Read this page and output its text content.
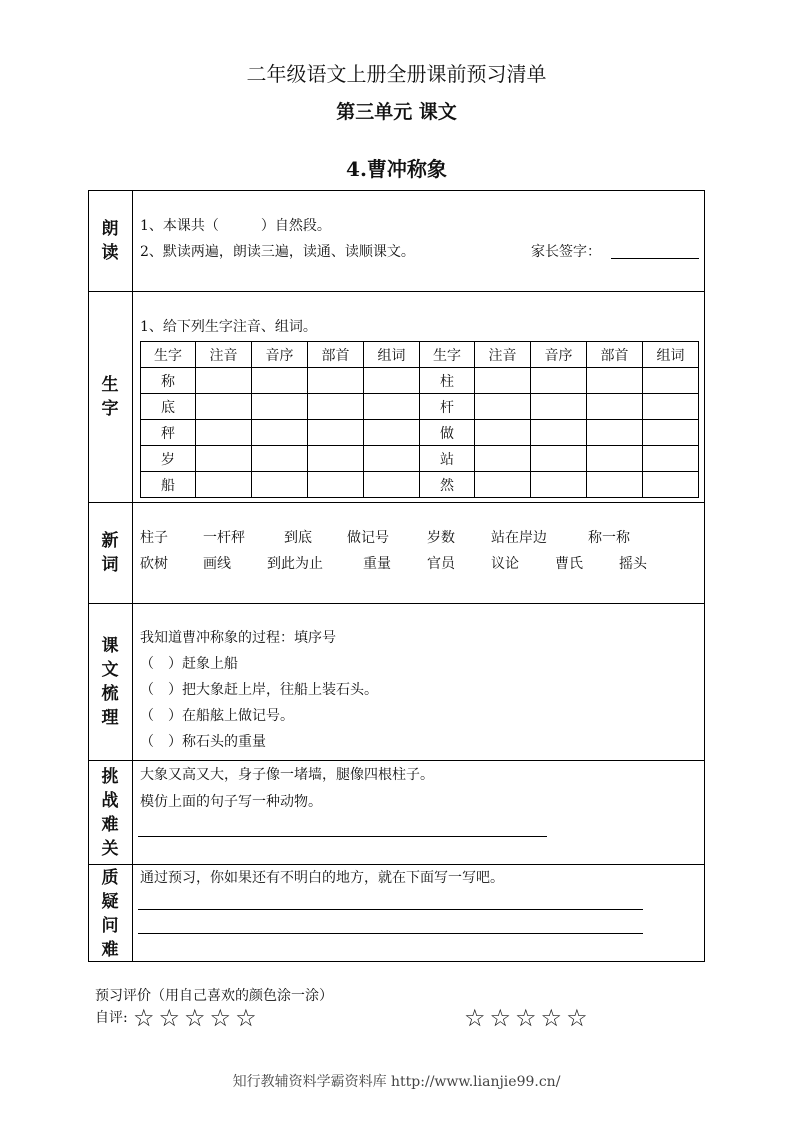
二年级语文上册全册课前预习清单
第三单元 课文
4.曹冲称象
朗
读
1、本课共（　　　）自然段。
2、默读两遍，朗读三遍，读通、读顺课文。	家长签字：
生
字
1、给下列生字注音、组词。
生字	注音	音序	部首	组词	生字	注音	音序	部首	组词
称					柱				
底					杆				
秤					做				
岁					站				
船					然				
新
词
柱子	一杆秤	到底	做记号	岁数	站在岸边	称一称
砍树	画线	到此为止	重量	官员	议论	曹氏	摇头
课
文
梳
理
我知道曹冲称象的过程：填序号
（　）赶象上船
（　）把大象赶上岸，往船上装石头。
（　）在船舷上做记号。
（　）称石头的重量
挑
战
难
关
大象又高又大，身子像一堵墙，腿像四根柱子。
模仿上面的句子写一种动物。
质
疑
问
难
通过预习，你如果还有不明白的地方，就在下面写一写吧。
预习评价（用自己喜欢的颜色涂一涂）
自评: ☆☆☆☆☆	☆☆☆☆☆
知行教辅资料学霸资料库 http://www.lianjie99.cn/
